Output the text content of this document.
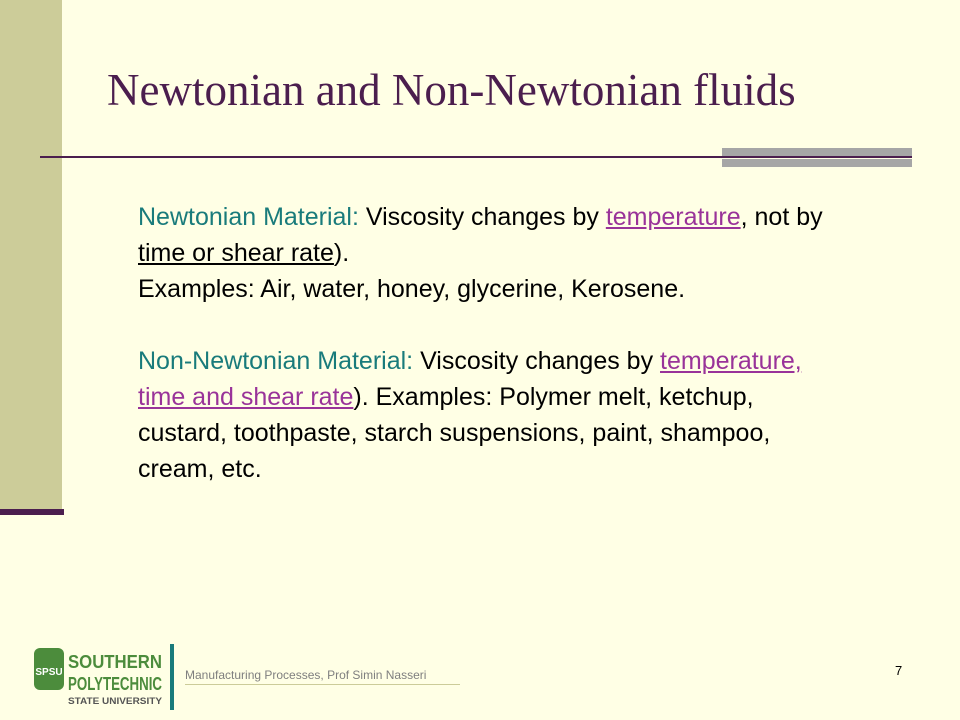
Newtonian and Non-Newtonian fluids

Newtonian Material: Viscosity changes by temperature, not by time or shear rate).
Examples: Air, water, honey, glycerine, Kerosene.

Non-Newtonian Material: Viscosity changes by temperature, time and shear rate). Examples: Polymer melt, ketchup, custard, toothpaste, starch suspensions, paint, shampoo, cream, etc.

SPSU
SOUTHERN
POLYTECHNIC
STATE UNIVERSITY
Manufacturing Processes, Prof Simin Nasseri	7
